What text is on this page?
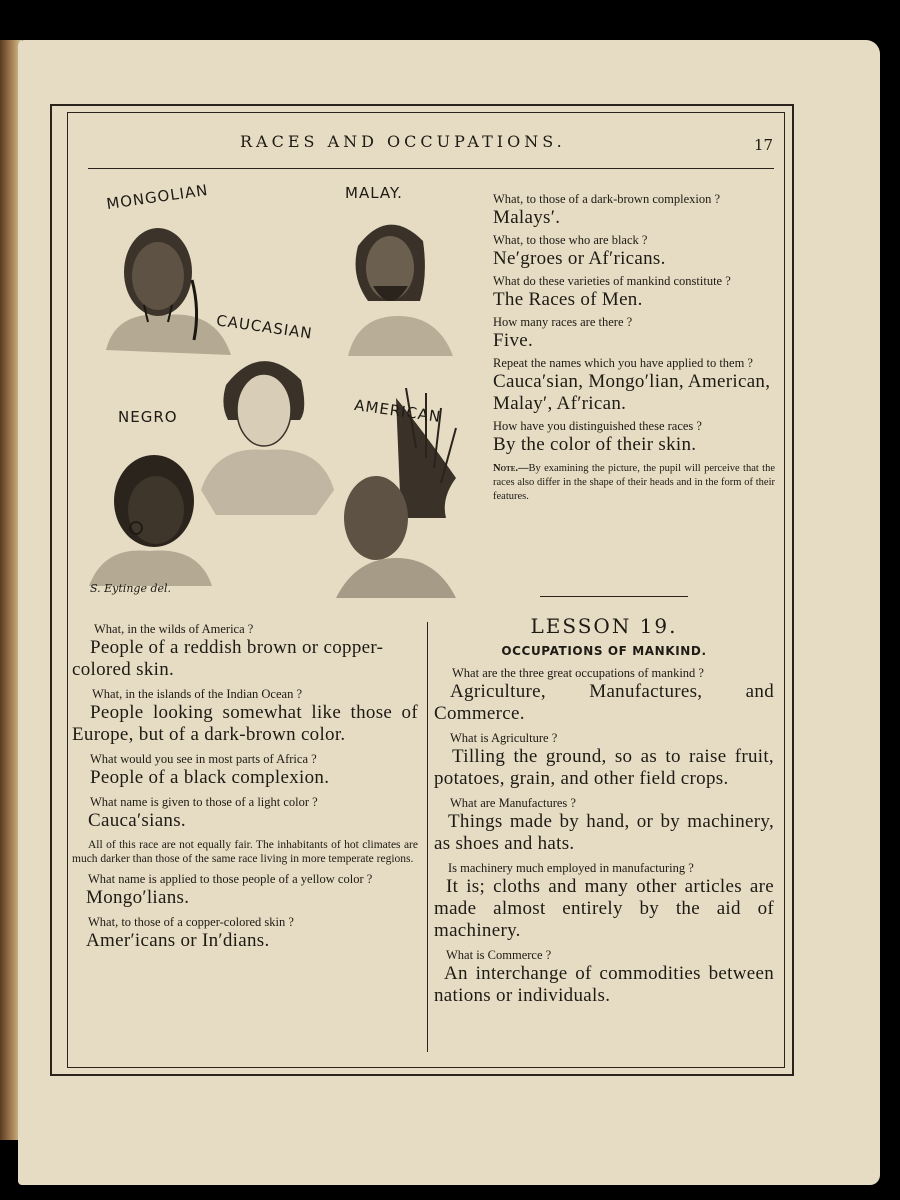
RACES AND OCCUPATIONS.	17
MONGOLIAN	MALAY.
CAUCASIAN
NEGRO	AMERICAN
S. Eytinge del.
What, to those of a dark-brown complexion ?
Malays′.
What, to those who are black ?
Ne′groes or Af′ricans.
What do these varieties of mankind constitute ?
The Races of Men.
How many races are there ?
Five.
Repeat the names which you have applied to them ?
Cauca′sian, Mongo′lian, American, Malay′, Af′rican.
How have you distinguished these races ?
By the color of their skin.
Note.—By examining the picture, the pupil will perceive that the races also differ in the shape of their heads and in the form of their features.
What, in the wilds of America ?
People of a reddish brown or copper-colored skin.
What, in the islands of the Indian Ocean ?
People looking somewhat like those of Europe, but of a dark-brown color.
What would you see in most parts of Africa ?
People of a black complexion.
What name is given to those of a light color ?
Cauca′sians.
All of this race are not equally fair. The inhabitants of hot climates are much darker than those of the same race living in more temperate regions.
What name is applied to those people of a yellow color ?
Mongo′lians.
What, to those of a copper-colored skin ?
Amer′icans or In′dians.
LESSON 19.
OCCUPATIONS OF MANKIND.
What are the three great occupations of mankind ?
Agriculture, Manufactures, and Commerce.
What is Agriculture ?
Tilling the ground, so as to raise fruit, potatoes, grain, and other field crops.
What are Manufactures ?
Things made by hand, or by machinery, as shoes and hats.
Is machinery much employed in manufacturing ?
It is; cloths and many other articles are made almost entirely by the aid of machinery.
What is Commerce ?
An interchange of commodities between nations or individuals.
